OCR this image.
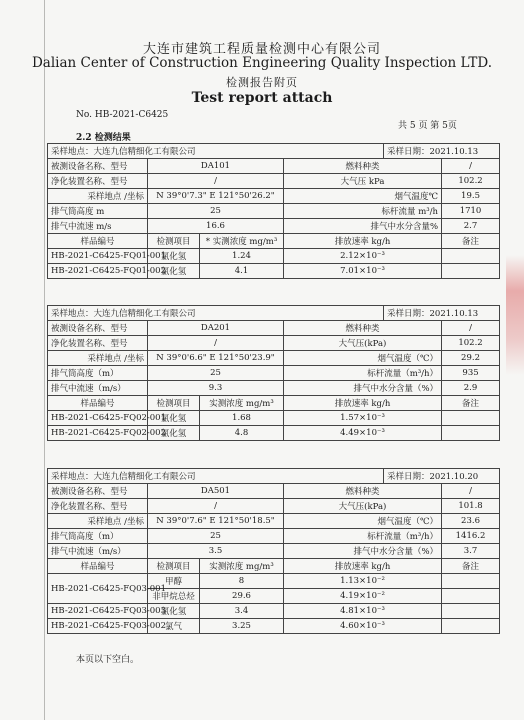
大连市建筑工程质量检测中心有限公司
Dalian Center of Construction Engineering Quality Inspection LTD.
检测报告附页
Test report attach
No. HB-2021-C6425
共 5 页 第 5页
2.2 检测结果
采样地点：大连九信精细化工有限公司				采样日期：2021.10.13	
被测设备名称、型号	DA101		燃料种类		/
净化装置名称、型号	/		大气压 kPa		102.2
采样地点 /坐标	N 39°0'7.3" E 121°50'26.2"		烟气温度℃		19.5
排气筒高度 m	25		标杆流量 m³/h		1710
排气中流速 m/s	16.6		排气中水分含量%		2.7
样品编号	检测项目	* 实测浓度 mg/m³	排放速率 kg/h		备注
HB-2021-C6425-FQ01-001	氯化氢	1.24	2.12×10⁻³		
HB-2021-C6425-FQ01-002	氯化氢	4.1	7.01×10⁻³		
采样地点：大连九信精细化工有限公司				采样日期：2021.10.13	
被测设备名称、型号	DA201		燃料种类		/
净化装置名称、型号	/		大气压(kPa)		102.2
采样地点 /坐标	N 39°0'6.6" E 121°50'23.9"		烟气温度（℃）		29.2
排气筒高度（m）	25		标杆流量（m³/h）		935
排气中流速（m/s）	9.3		排气中水分含量（%）		2.9
样品编号	检测项目	实测浓度 mg/m³	排放速率 kg/h		备注
HB-2021-C6425-FQ02-001	氯化氢	1.68	1.57×10⁻³		
HB-2021-C6425-FQ02-002	氯化氢	4.8	4.49×10⁻³		
采样地点：大连九信精细化工有限公司				采样日期：2021.10.20	
被测设备名称、型号	DA501		燃料种类		/
净化装置名称、型号	/		大气压(kPa)		101.8
采样地点 /坐标	N 39°0'7.6" E 121°50'18.5"		烟气温度（℃）		23.6
排气筒高度（m）	25		标杆流量（m³/h）		1416.2
排气中流速（m/s）	3.5		排气中水分含量（%）		3.7
样品编号	检测项目	实测浓度 mg/m³	排放速率 kg/h		备注
HB-2021-C6425-FQ03-001	甲醇	8	1.13×10⁻²		
	非甲烷总烃	29.6	4.19×10⁻²		
HB-2021-C6425-FQ03-003	氯化氢	3.4	4.81×10⁻³		
HB-2021-C6425-FQ03-002	氯气	3.25	4.60×10⁻³		
本页以下空白。
